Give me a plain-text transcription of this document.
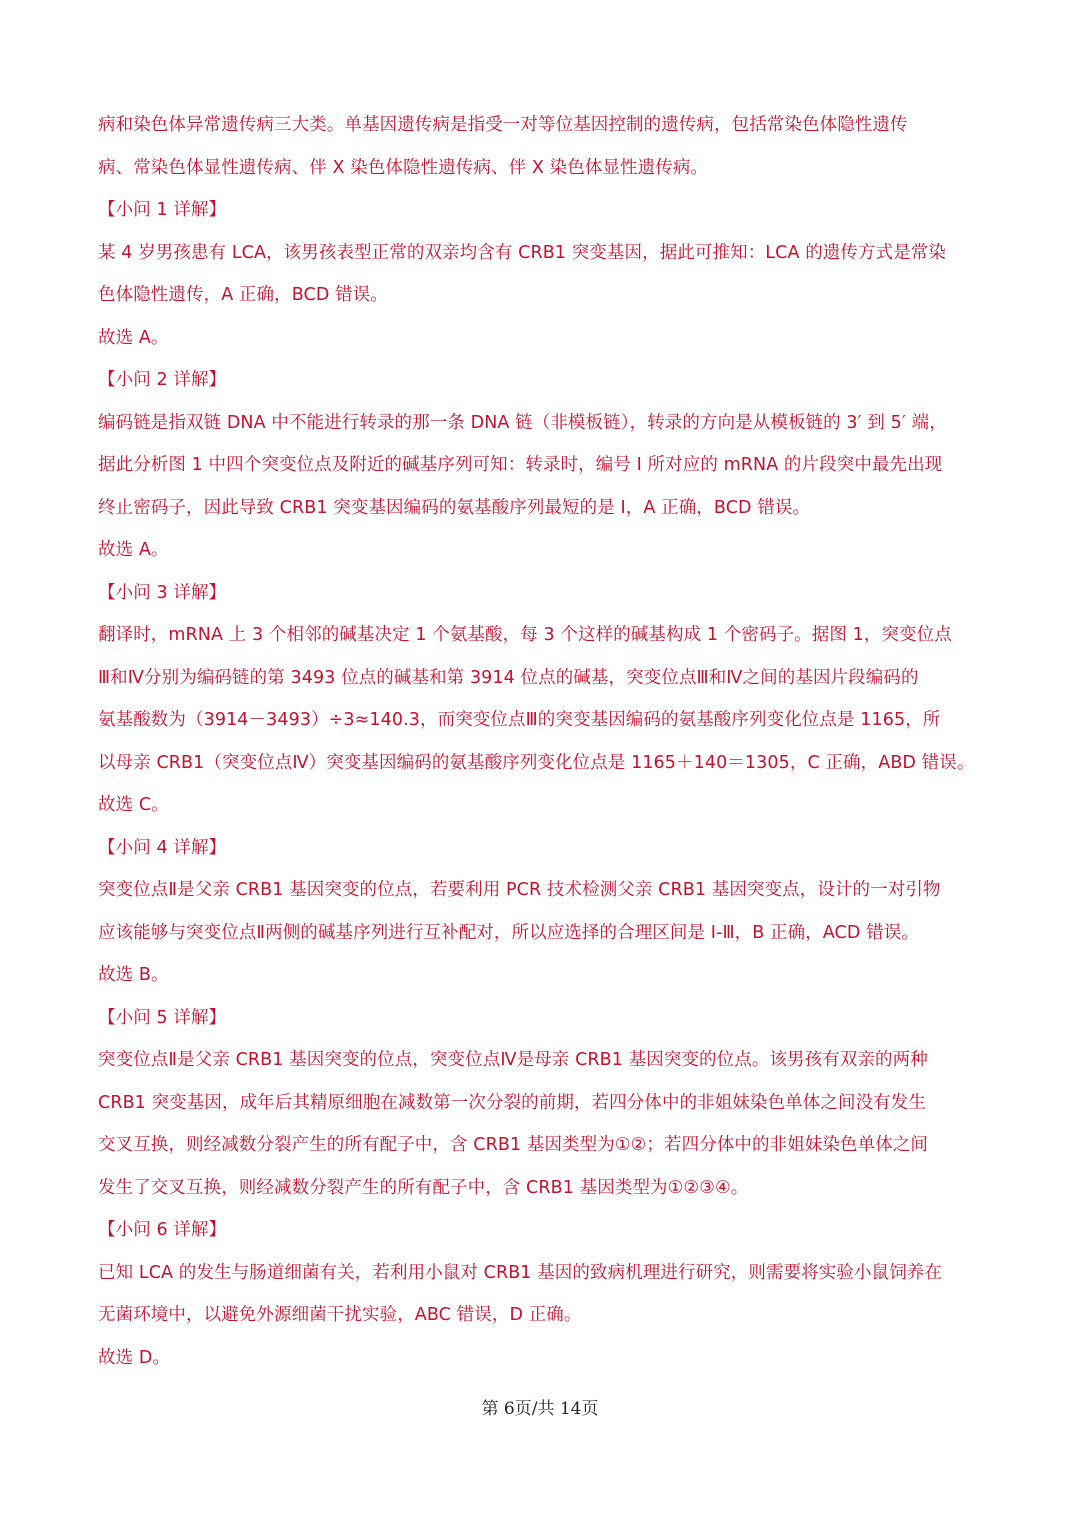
病和染色体异常遗传病三大类。单基因遗传病是指受一对等位基因控制的遗传病，包括常染色体隐性遗传
病、常染色体显性遗传病、伴 X 染色体隐性遗传病、伴 X 染色体显性遗传病。
【小问 1 详解】
某 4 岁男孩患有 LCA，该男孩表型正常的双亲均含有 CRB1 突变基因，据此可推知：LCA 的遗传方式是常染
色体隐性遗传，A 正确，BCD 错误。
故选 A。
【小问 2 详解】
编码链是指双链 DNA 中不能进行转录的那一条 DNA 链（非模板链），转录的方向是从模板链的 3′ 到 5′ 端，
据此分析图 1 中四个突变位点及附近的碱基序列可知：转录时，编号 Ⅰ 所对应的 mRNA 的片段突中最先出现
终止密码子，因此导致 CRB1 突变基因编码的氨基酸序列最短的是 Ⅰ，A 正确，BCD 错误。
故选 A。
【小问 3 详解】
翻译时，mRNA 上 3 个相邻的碱基决定 1 个氨基酸，每 3 个这样的碱基构成 1 个密码子。据图 1，突变位点
Ⅲ和Ⅳ分别为编码链的第 3493 位点的碱基和第 3914 位点的碱基，突变位点Ⅲ和Ⅳ之间的基因片段编码的
氨基酸数为（3914－3493）÷3≈140.3，而突变位点Ⅲ的突变基因编码的氨基酸序列变化位点是 1165，所
以母亲 CRB1（突变位点Ⅳ）突变基因编码的氨基酸序列变化位点是 1165＋140＝1305，C 正确，ABD 错误。
故选 C。
【小问 4 详解】
突变位点Ⅱ是父亲 CRB1 基因突变的位点，若要利用 PCR 技术检测父亲 CRB1 基因突变点，设计的一对引物
应该能够与突变位点Ⅱ两侧的碱基序列进行互补配对，所以应选择的合理区间是 Ⅰ-Ⅲ，B 正确，ACD 错误。
故选 B。
【小问 5 详解】
突变位点Ⅱ是父亲 CRB1 基因突变的位点，突变位点Ⅳ是母亲 CRB1 基因突变的位点。该男孩有双亲的两种
CRB1 突变基因，成年后其精原细胞在减数第一次分裂的前期，若四分体中的非姐妹染色单体之间没有发生
交叉互换，则经减数分裂产生的所有配子中，含 CRB1 基因类型为①②；若四分体中的非姐妹染色单体之间
发生了交叉互换，则经减数分裂产生的所有配子中，含 CRB1 基因类型为①②③④。
【小问 6 详解】
已知 LCA 的发生与肠道细菌有关，若利用小鼠对 CRB1 基因的致病机理进行研究，则需要将实验小鼠饲养在
无菌环境中，以避免外源细菌干扰实验，ABC 错误，D 正确。
故选 D。
第 6页/共 14页
